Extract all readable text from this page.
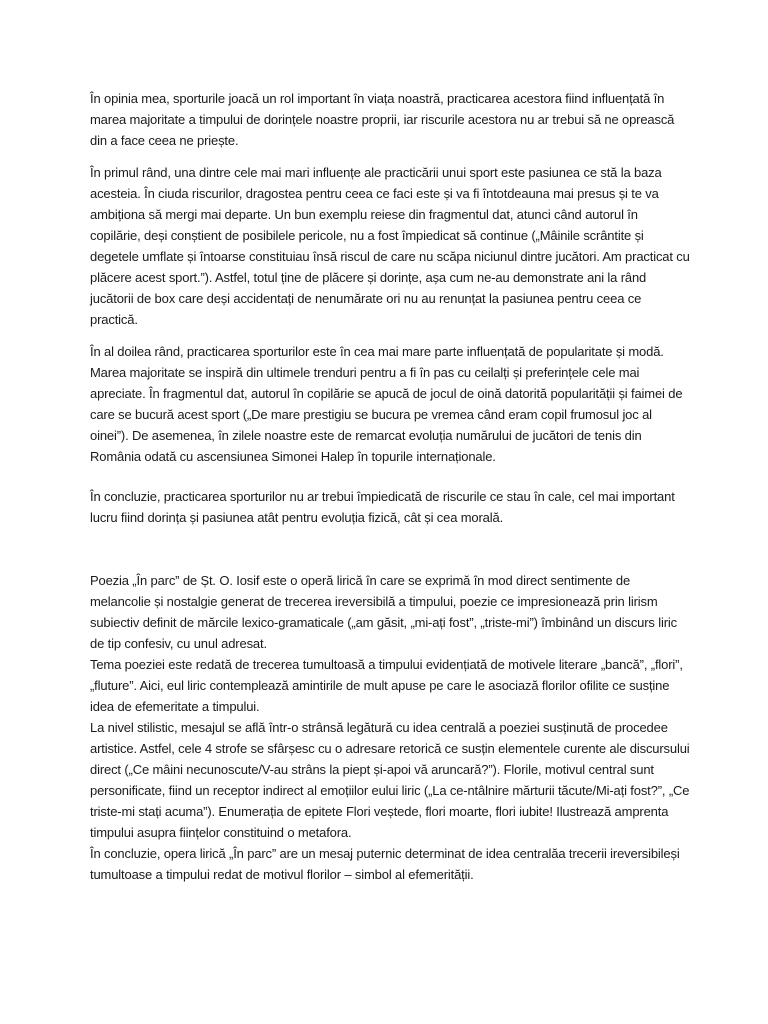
În opinia mea, sporturile joacă un rol important în viața noastră, practicarea acestora fiind influențată în marea majoritate a timpului de dorințele noastre proprii, iar riscurile acestora nu ar trebui să ne oprească din a face ceea ne priește.

În primul rând, una dintre cele mai mari influențe ale practicării unui sport este pasiunea ce stă la baza acesteia. În ciuda riscurilor, dragostea pentru ceea ce faci este și va fi întotdeauna mai presus și te va ambiționa să mergi mai departe. Un bun exemplu reiese din fragmentul dat, atunci când autorul în copilărie, deși conștient de posibilele pericole, nu a fost împiedicat să continue („Mâinile scrântite și degetele umflate și întoarse constituiau însă riscul de care nu scăpa niciunul dintre jucători. Am practicat cu plăcere acest sport.”). Astfel, totul ține de plăcere și dorințe, așa cum ne-au demonstrate ani la rând jucătorii de box care deși accidentați de nenumărate ori nu au renunțat la pasiunea pentru ceea ce practică.

În al doilea rând, practicarea sporturilor este în cea mai mare parte influențată de popularitate și modă. Marea majoritate se inspiră din ultimele trenduri pentru a fi în pas cu ceilalți și preferințele cele mai apreciate. În fragmentul dat, autorul în copilărie se apucă de jocul de oină datorită popularității și faimei de care se bucură acest sport („De mare prestigiu se bucura pe vremea când eram copil frumosul joc al oinei”). De asemenea, în zilele noastre este de remarcat evoluția numărului de jucători de tenis din România odată cu ascensiunea Simonei Halep în topurile internaționale.

În concluzie, practicarea sporturilor nu ar trebui împiedicată de riscurile ce stau în cale, cel mai important lucru fiind dorința și pasiunea atât pentru evoluția fizică, cât și cea morală.

Poezia „În parc” de Șt. O. Iosif este o operă lirică în care se exprimă în mod direct sentimente de melancolie și nostalgie generat de trecerea ireversibilă a timpului, poezie ce impresionează prin lirism subiectiv definit de mărcile lexico-gramaticale („am găsit, „mi-ați fost”, „triste-mi”) îmbinând un discurs liric de tip confesiv, cu unul adresat.

Tema poeziei este redată de trecerea tumultoasă a timpului evidențiată de motivele literare „bancă”, „flori”, „fluture”. Aici, eul liric contemplează amintirile de mult apuse pe care le asociază florilor ofilite ce susține idea de efemeritate a timpului.

La nivel stilistic, mesajul se află într-o strânsă legătură cu idea centrală a poeziei susținută de procedee artistice. Astfel, cele 4 strofe se sfârșesc cu o adresare retorică ce susțin elementele curente ale discursului direct („Ce mâini necunoscute/V-au strâns la piept și-apoi vă aruncară?”). Florile, motivul central sunt personificate, fiind un receptor indirect al emoțiilor eului liric („La ce-ntâlnire mărturii tăcute/Mi-ați fost?”, „Ce triste-mi stați acuma”). Enumerația de epitete Flori veștede, flori moarte, flori iubite! Ilustrează amprenta timpului asupra ființelor constituind o metafora.

În concluzie, opera lirică „În parc” are un mesaj puternic determinat de idea centralăa trecerii ireversibileși tumultoase a timpului redat de motivul florilor – simbol al efemerității.
